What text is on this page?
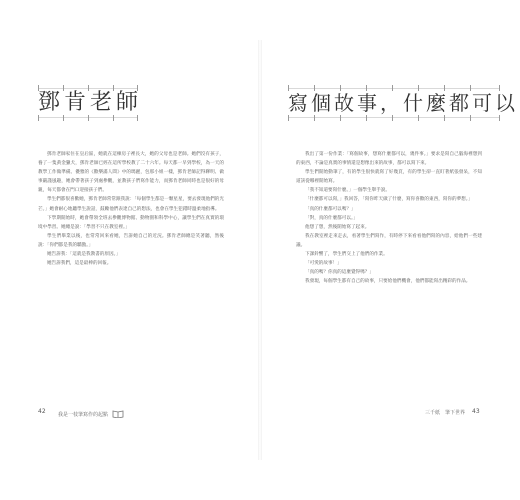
鄧肯老師

鄧肯老師家住在皇后區，她就在這棟房子裡長大，她的父母也是老師。她們沒有孩子，養了一隻黃金獵犬，鄧肯老師已經在這所學校教了二十六年。每天都一早到學校，為一天的教學工作做準備。優雅的《歡樂滿人間》中的瑪麗，包那小姐一樣，鄧肯老師記得聊明、做事嚴謹風趣，她會帶著孩子到處參觀，並教孩子們寫作能力，而鄧肯老師同時也是很好的母親，每天都會在門口迎接孩子們。

學生們都很喜歡她，鄧肯老師常常跟我說：「每個學生都是一顆星星，要去發現他們的光芒。」她會耐心地聽學生說話，鼓勵他們表達自己的想法，也會在學生犯錯時溫柔地指導。

下學期開始時，她會帶領全班去參觀博物館、動物園和科學中心，讓學生們在真實的環境中學習。她總是說：「學習不只在教室裡。」

學生們畢業以後，也常常回來看她，告訴她自己的近況。鄧肯老師總是笑著聽，然後說：「你們都是我的驕傲。」

她告訴我：「這就是我教書的原因。」

她告訴我們，這是最棒的回報。

42 我是一枝筆寫作的起點
寫個故事，什麼都可以

我出了第一份作業：「寫個故事，想寫什麼都可以，幾件事。」要求是寫自己腦海裡想到的東西，不論是真實的事情還是想像出來的故事，都可以寫下來。

學生們開始動筆了，有的學生很快就寫了好幾頁，有的學生卻一直盯著紙張發呆，不知道該從哪裡開始寫。

「我不知道要寫什麼。」一個學生舉手說。

「什麼都可以寫，」我回答，「寫你昨天做了什麼，寫你喜歡的東西，寫你的夢想。」

「真的什麼都可以嗎？」

「對，真的什麼都可以。」

他想了想，然後開始寫了起來。

我在教室裡走來走去，看著學生們寫作，有時停下來看看他們寫的內容，給他們一些建議。

下課鈴響了，學生們交上了他們的作業。

「可愛的故事！」

「真的嗎？你真的這麼覺得嗎？」

我發現，每個學生都有自己的故事，只要給他們機會，他們都能寫出精彩的作品。

三千紙　筆下世界 43
